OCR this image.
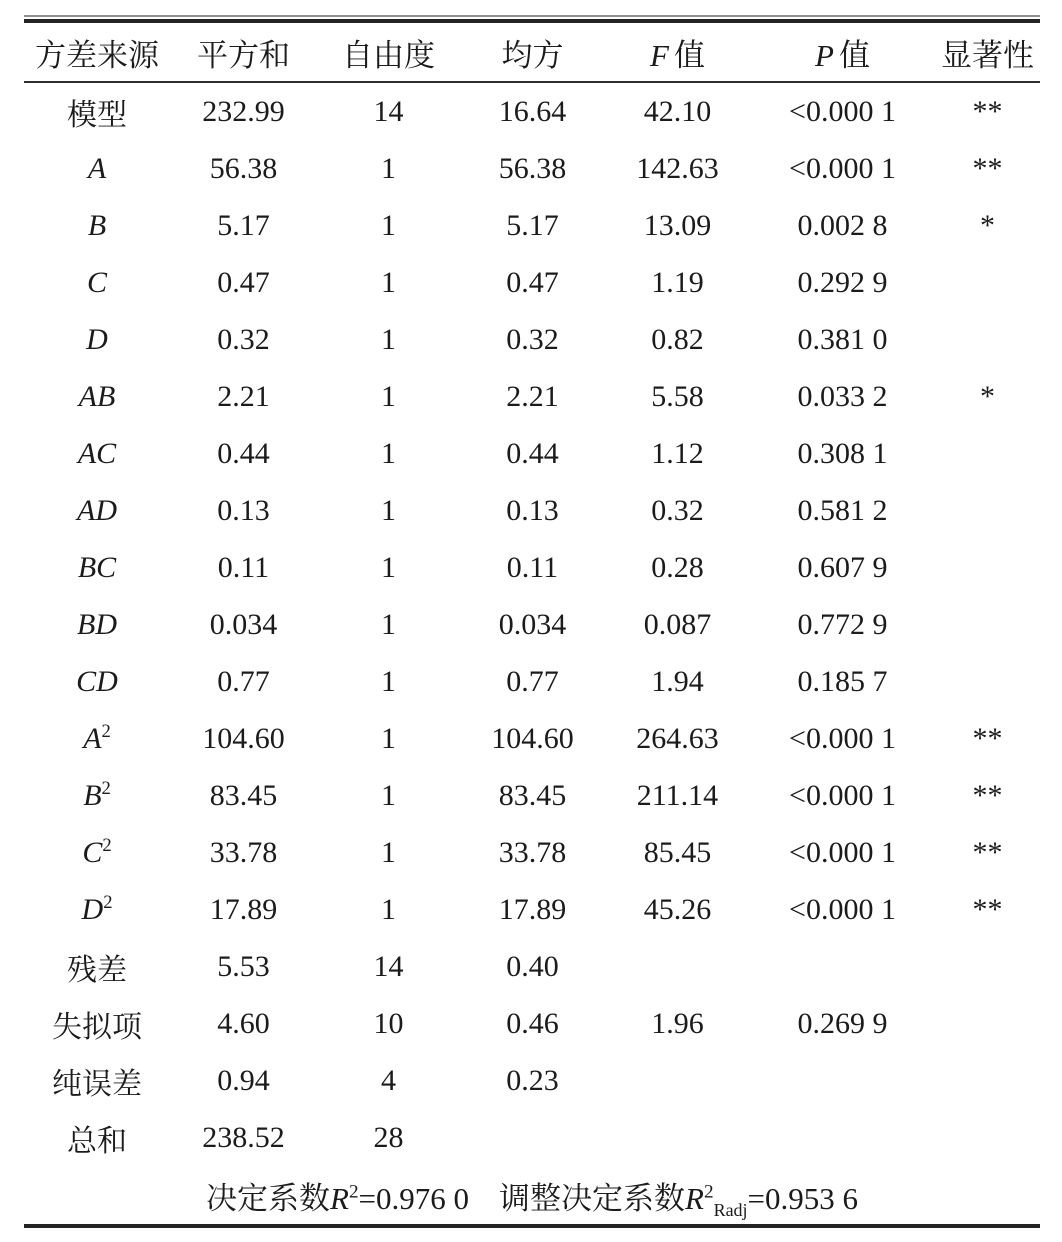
方差来源	平方和	自由度	均方	F 值	P 值	显著性
模型	232.99	14	16.64	42.10	<0.000 1	**
A	56.38	1	56.38	142.63	<0.000 1	**
B	5.17	1	5.17	13.09	0.002 8	*
C	0.47	1	0.47	1.19	0.292 9	
D	0.32	1	0.32	0.82	0.381 0	
AB	2.21	1	2.21	5.58	0.033 2	*
AC	0.44	1	0.44	1.12	0.308 1	
AD	0.13	1	0.13	0.32	0.581 2	
BC	0.11	1	0.11	0.28	0.607 9	
BD	0.034	1	0.034	0.087	0.772 9	
CD	0.77	1	0.77	1.94	0.185 7	
$A^2$	104.60	1	104.60	264.63	<0.000 1	**
$B^2$	83.45	1	83.45	211.14	<0.000 1	**
$C^2$	33.78	1	33.78	85.45	<0.000 1	**
$D^2$	17.89	1	17.89	45.26	<0.000 1	**
残差	5.53	14	0.40			
失拟项	4.60	10	0.46	1.96	0.269 9	
纯误差	0.94	4	0.23			
总和	238.52	28				
决定系数$R^2=0.976$ 0 调整决定系数$R^2_{Radj}=0.953$ 6						
